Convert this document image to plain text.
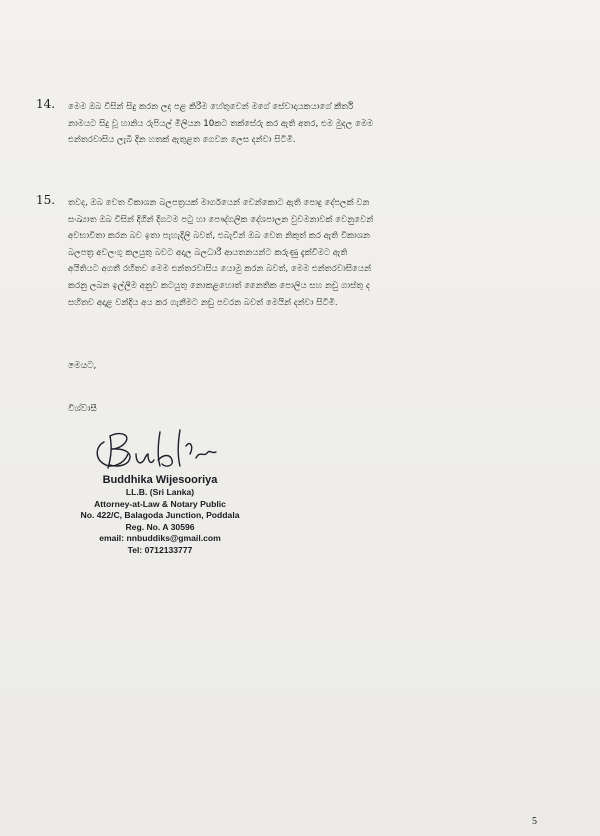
14. මෙම ඔබ විසින් සිදු කරන ලද පළ කිරීම හේතුවෙන් මගේ සේවාදායකයාගේ කීර්ති
නාමයට සිදු වූ හානිය රුපියල් මිලියන 10කට තක්සේරු කර ඇති අතර, එම මුදල මෙම
එන්තරවාසිය ලැබී දින හතක් ඇතුළත ගෙවන ලෙස දන්වා සිටිමි.
15. තවද, ඔබ වෙත විකාශන බලපත්‍රයක් මාර්ගයෙන් වෙන්කොට ඇති පොදු දේපලක් වන
සංඛ්‍යාත ඔබ විසින් දිගින් දිගටම පටු හා පෞද්ගලික දේශපාලන වුවමනාවක් වෙනුවෙන්
අවභාවිතා කරන බව ඉතා පැහැදිලි බවත්, එබැවින් ඔබ වෙත නිකුත් කර ඇති විකාශන
බලපත්‍ර අවලංගු කලයුතු බවට අදාල බලධාරී ආයතනයන්ට කරුණු දැක්වීමට ඇති
අයිතියට අගතී රහිතව මෙම එන්තරවාසිය යොමු කරන බවත්, මෙම එන්තරවාසියෙන්
කරනු ලබන ඉල්ලීම අනුව කටයුතු නොකළහොත් නෛතික පොලිය සහ නඩු ගාස්තු ද
සහිතව අදාළ වන්දිය අය කර ගැනීමට නඩු පවරන බවත් මෙයින් දන්වා සිටිමි.
මෙයට,
විශ්වාසී
Buddhika Wijesooriya
LL.B. (Sri Lanka)
Attorney-at-Law & Notary Public
No. 422/C, Balagoda Junction, Poddala
Reg. No. A 30596
email: nnbuddiks@gmail.com
Tel: 0712133777
5
